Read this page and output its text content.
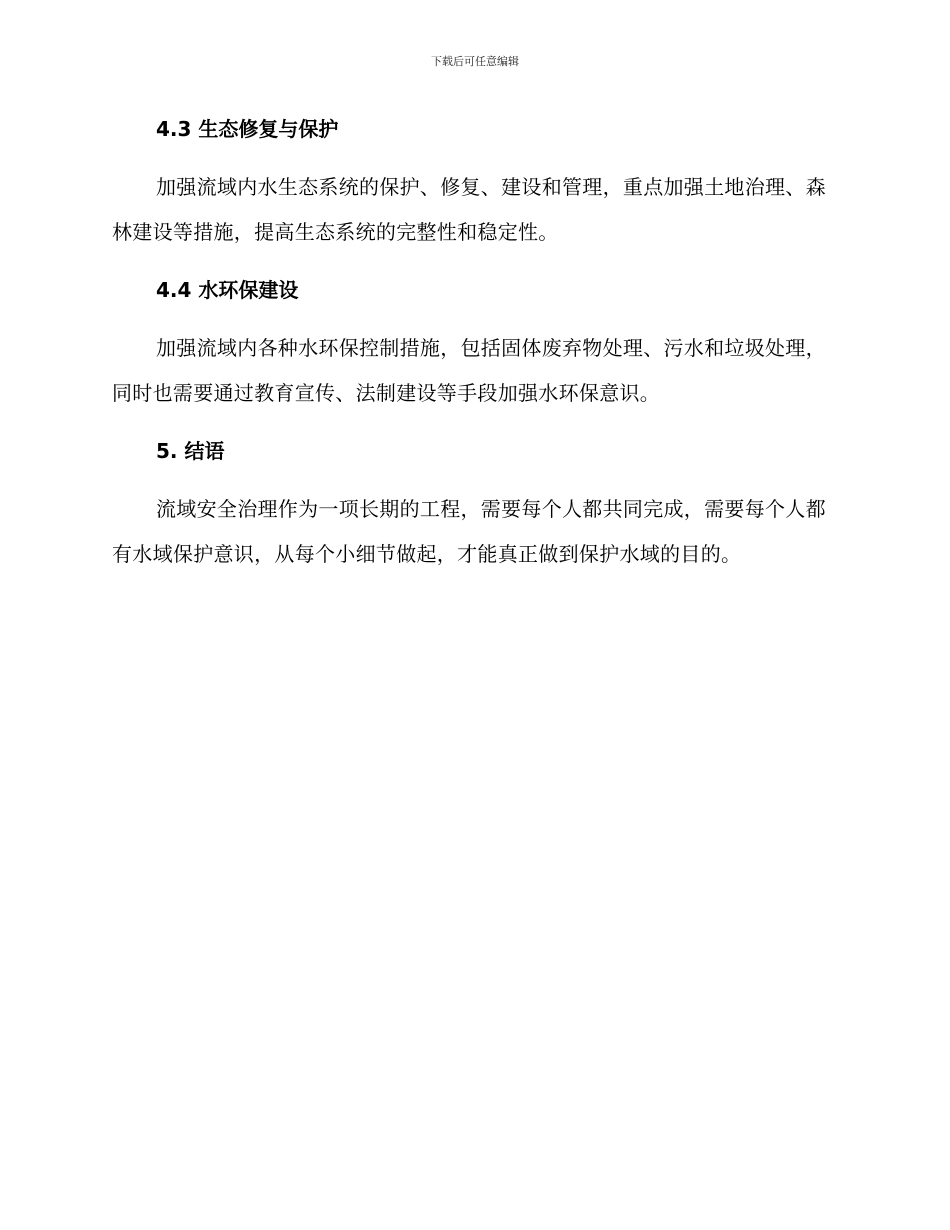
下载后可任意编辑
4.3 生态修复与保护

加强流域内水生态系统的保护、修复、建设和管理，重点加强土地治理、森林建设等措施，提高生态系统的完整性和稳定性。

4.4 水环保建设

加强流域内各种水环保控制措施，包括固体废弃物处理、污水和垃圾处理，同时也需要通过教育宣传、法制建设等手段加强水环保意识。

5. 结语

流域安全治理作为一项长期的工程，需要每个人都共同完成，需要每个人都有水域保护意识，从每个小细节做起，才能真正做到保护水域的目的。
